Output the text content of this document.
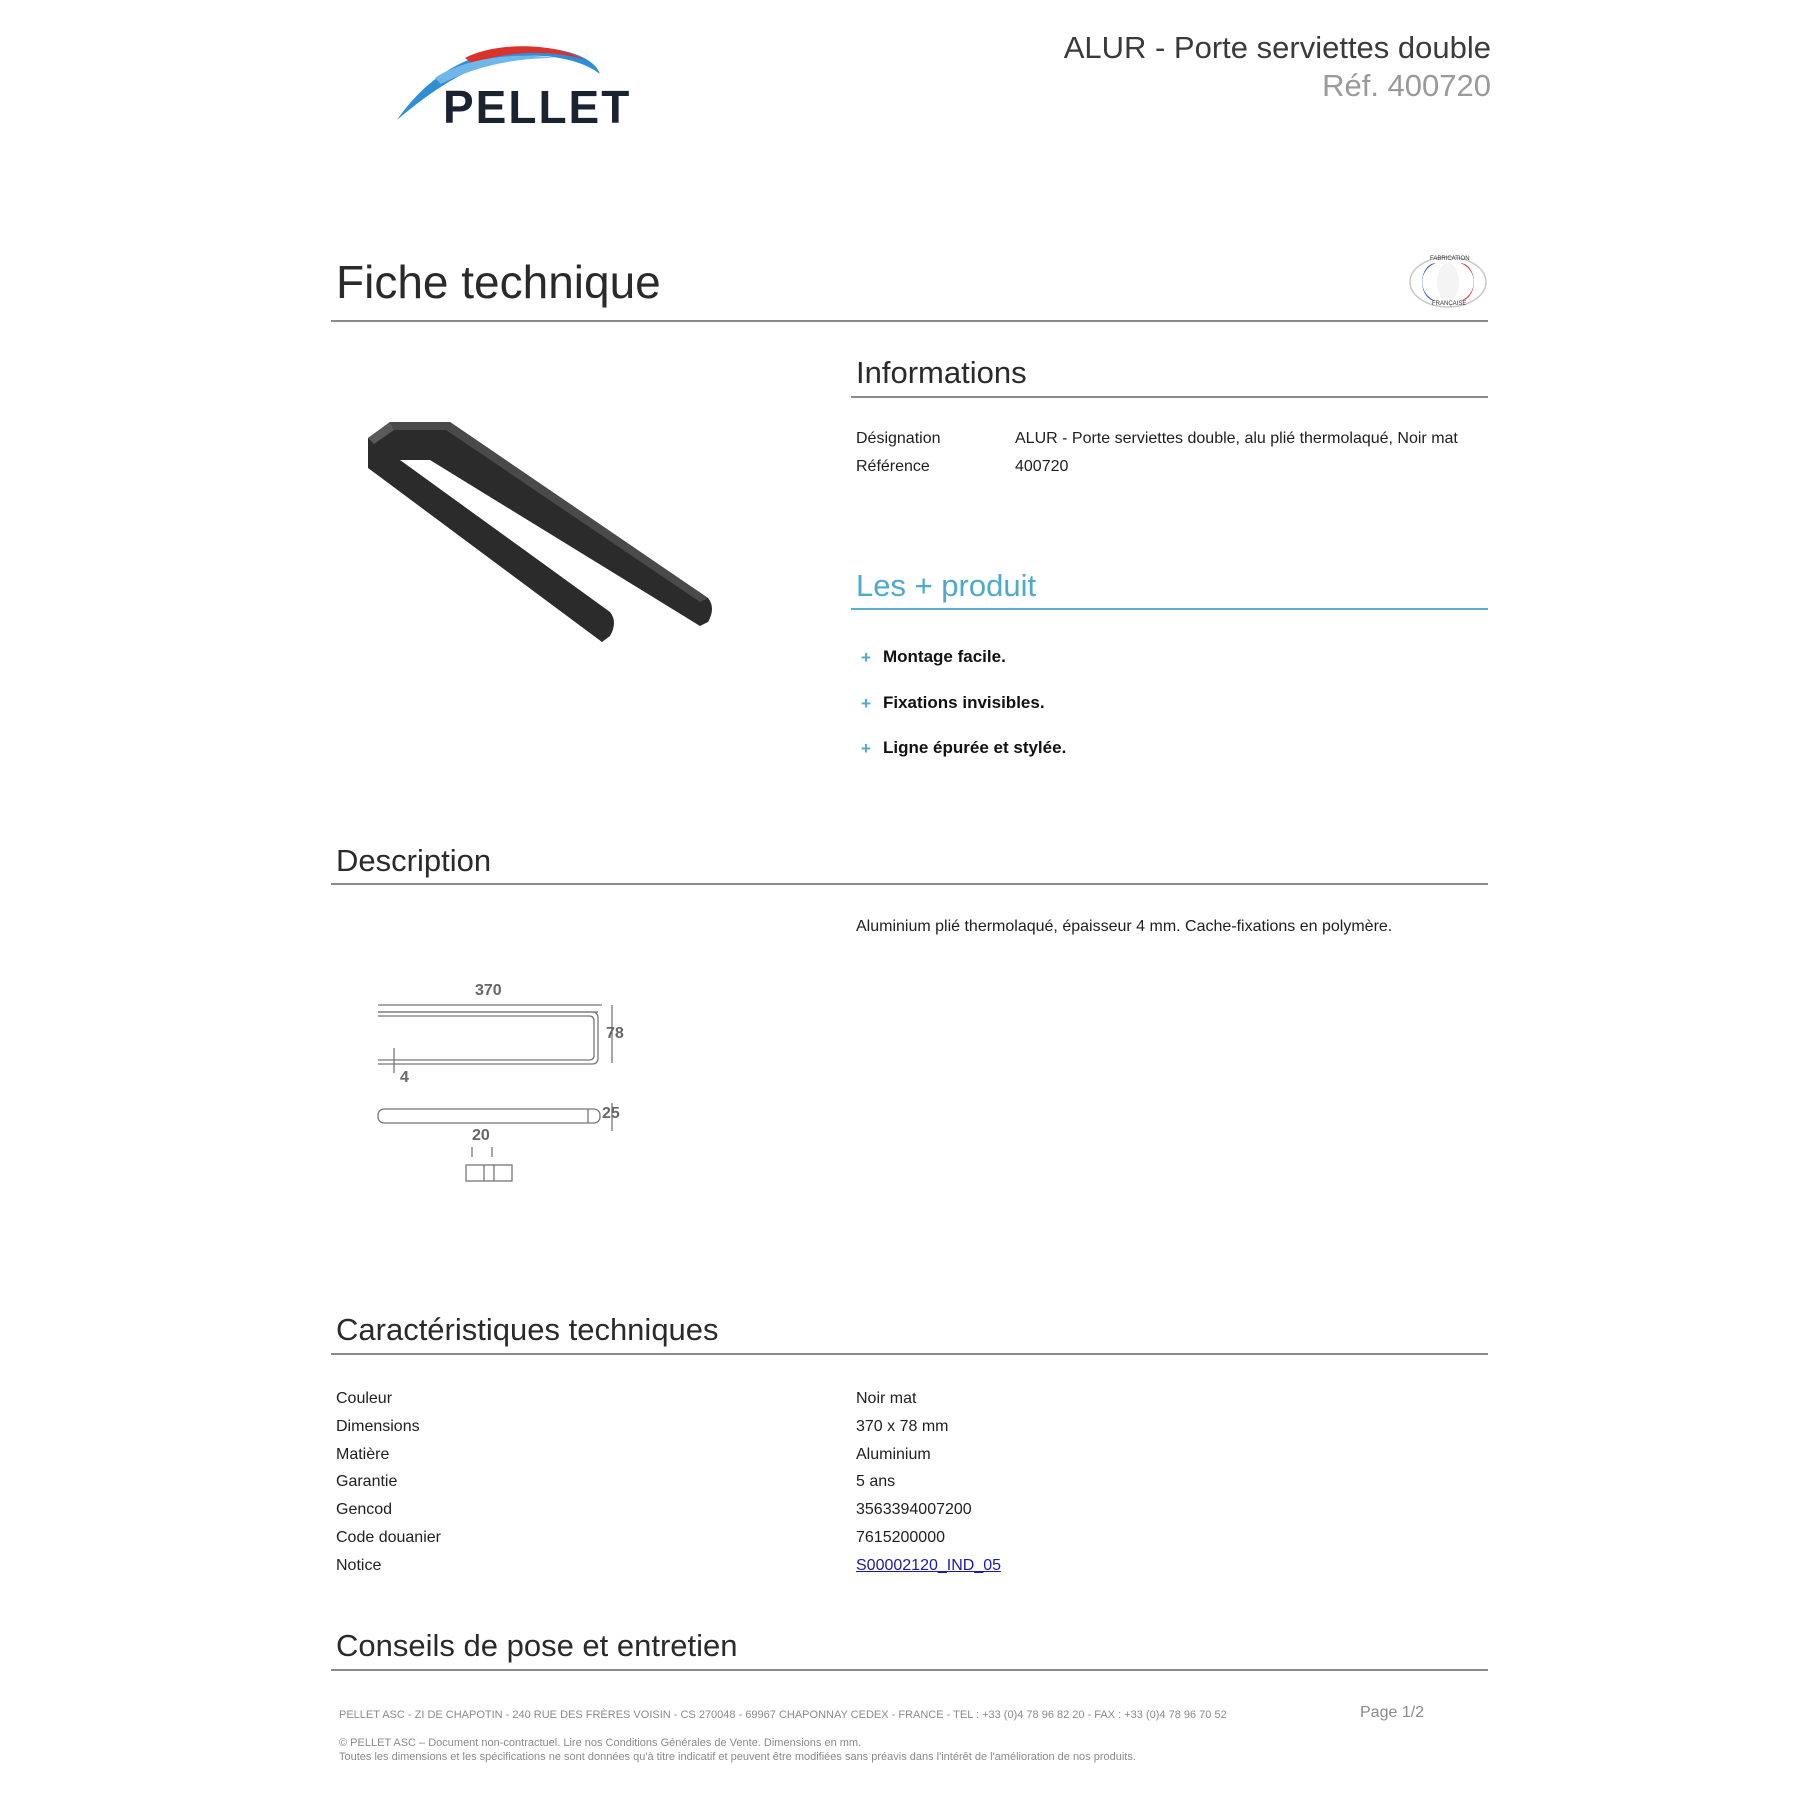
PELLET
ALUR - Porte serviettes double
Réf. 400720
Fiche technique	FABRICATION
FRANÇAISE
Informations
Désignation	ALUR - Porte serviettes double, alu plié thermolaqué, Noir mat
Référence	400720
Les + produit
+ Montage facile.
+ Fixations invisibles.
+ Ligne épurée et stylée.
Description
Aluminium plié thermolaqué, épaisseur 4 mm. Cache-fixations en polymère.
370
78
4
25
20
Caractéristiques techniques
Couleur	Noir mat
Dimensions	370 x 78 mm
Matière	Aluminium
Garantie	5 ans
Gencod	3563394007200
Code douanier	7615200000
Notice	S00002120_IND_05
Conseils de pose et entretien
PELLET ASC - ZI DE CHAPOTIN - 240 RUE DES FRÈRES VOISIN - CS 270048 - 69967 CHAPONNAY CEDEX - FRANCE - TEL : +33 (0)4 78 96 82 20 - FAX : +33 (0)4 78 96 70 52	Page 1/2
© PELLET ASC – Document non-contractuel. Lire nos Conditions Générales de Vente. Dimensions en mm.
Toutes les dimensions et les spécifications ne sont données qu'à titre indicatif et peuvent être modifiées sans préavis dans l'intérêt de l'amélioration de nos produits.
